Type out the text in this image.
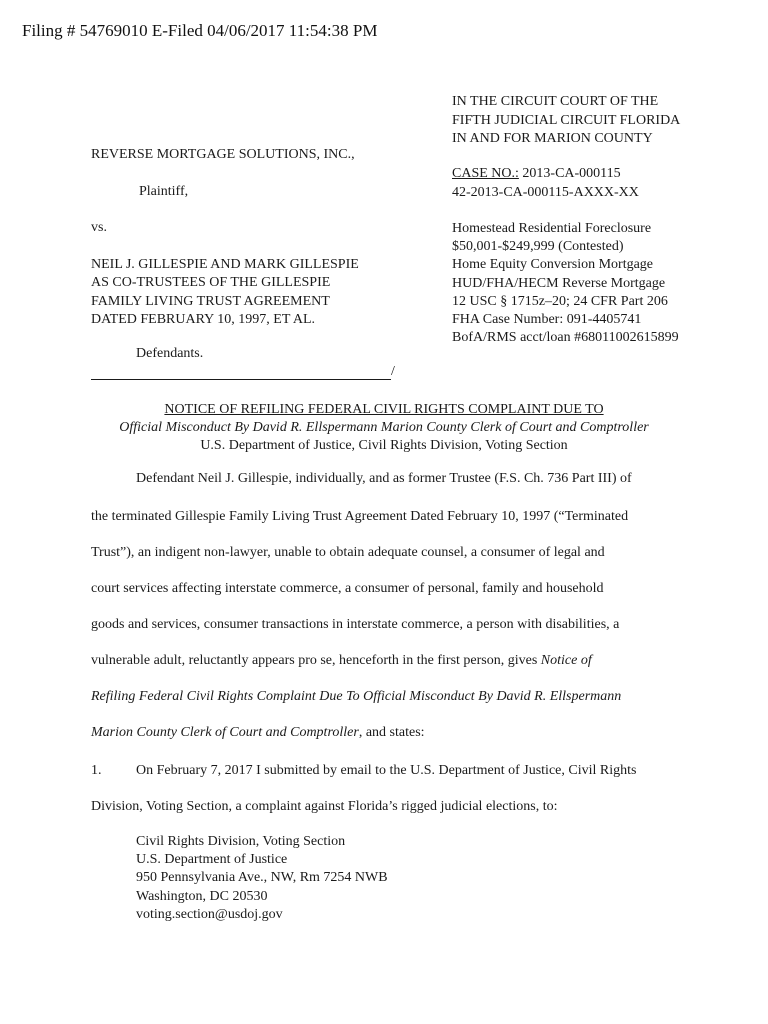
Filing # 54769010 E-Filed 04/06/2017 11:54:38 PM
IN THE CIRCUIT COURT OF THE
FIFTH JUDICIAL CIRCUIT FLORIDA
IN AND FOR MARION COUNTY
REVERSE MORTGAGE SOLUTIONS, INC.,
CASE NO.: 2013-CA-000115
42-2013-CA-000115-AXXX-XX
Plaintiff,
vs.	Homestead Residential Foreclosure
$50,001-$249,999 (Contested)
Home Equity Conversion Mortgage
HUD/FHA/HECM Reverse Mortgage
12 USC § 1715z–20; 24 CFR Part 206
FHA Case Number: 091-4405741
BofA/RMS acct/loan #68011002615899
NEIL J. GILLESPIE AND MARK GILLESPIE
AS CO-TRUSTEES OF THE GILLESPIE
FAMILY LIVING TRUST AGREEMENT
DATED FEBRUARY 10, 1997, ET AL.
Defendants.
/
NOTICE OF REFILING FEDERAL CIVIL RIGHTS COMPLAINT DUE TO
Official Misconduct By David R. Ellspermann Marion County Clerk of Court and Comptroller
U.S. Department of Justice, Civil Rights Division, Voting Section
Defendant Neil J. Gillespie, individually, and as former Trustee (F.S. Ch. 736 Part III) of
the terminated Gillespie Family Living Trust Agreement Dated February 10, 1997 (“Terminated
Trust”), an indigent non-lawyer, unable to obtain adequate counsel, a consumer of legal and
court services affecting interstate commerce, a consumer of personal, family and household
goods and services, consumer transactions in interstate commerce, a person with disabilities, a
vulnerable adult, reluctantly appears pro se, henceforth in the first person, gives Notice of
Refiling Federal Civil Rights Complaint Due To Official Misconduct By David R. Ellspermann
Marion County Clerk of Court and Comptroller, and states:
1. On February 7, 2017 I submitted by email to the U.S. Department of Justice, Civil Rights
Division, Voting Section, a complaint against Florida’s rigged judicial elections, to:
Civil Rights Division, Voting Section
U.S. Department of Justice
950 Pennsylvania Ave., NW, Rm 7254 NWB
Washington, DC 20530
voting.section@usdoj.gov
